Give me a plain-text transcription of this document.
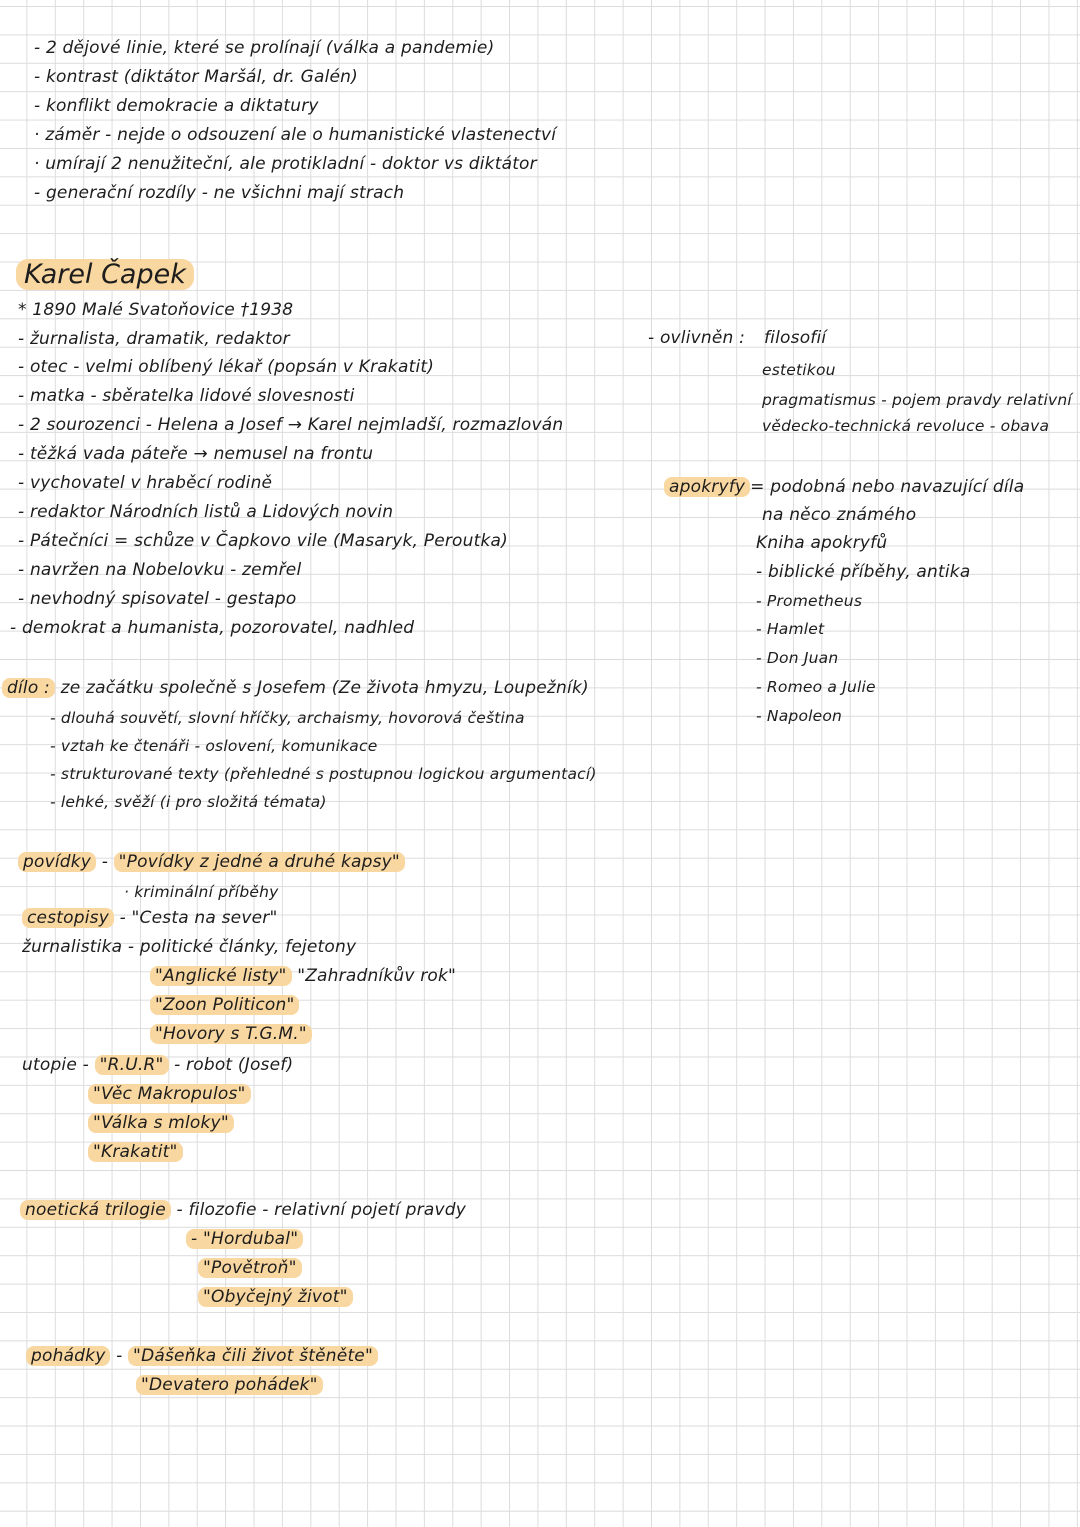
- 2 dějové linie, které se prolínají (válka a pandemie)
- kontrast (diktátor Maršál, dr. Galén)
- konflikt demokracie a diktatury
· záměr - nejde o odsouzení ale o humanistické vlastenectví
· umírají 2 nenužiteční, ale protikladní - doktor vs diktátor
- generační rozdíly - ne všichni mají strach
Karel Čapek
* 1890 Malé Svatoňovice †1938
- žurnalista, dramatik, redaktor
- otec - velmi oblíbený lékař (popsán v Krakatit)
- matka - sběratelka lidové slovesnosti
- 2 sourozenci - Helena a Josef → Karel nejmladší, rozmazlován
- těžká vada páteře → nemusel na frontu
- vychovatel v hraběcí rodině
- redaktor Národních listů a Lidových novin
- Pátečníci = schůze v Čapkovo vile (Masaryk, Peroutka)
- navržen na Nobelovku - zemřel
- nevhodný spisovatel - gestapo
- demokrat a humanista, pozorovatel, nadhled
- ovlivněn : filosofií
estetikou
pragmatismus - pojem pravdy relativní
vědecko-technická revoluce - obava
apokryfy = podobná nebo navazující díla
na něco známého
Kniha apokryfů
- biblické příběhy, antika
- Prometheus
- Hamlet
- Don Juan
- Romeo a Julie
- Napoleon
dílo : ze začátku společně s Josefem (Ze života hmyzu, Loupežník)
- dlouhá souvětí, slovní hříčky, archaismy, hovorová čeština
- vztah ke čtenáři - oslovení, komunikace
- strukturované texty (přehledné s postupnou logickou argumentací)
- lehké, svěží (i pro složitá témata)
povídky - "Povídky z jedné a druhé kapsy"
· kriminální příběhy
cestopisy - "Cesta na sever"
žurnalistika - politické články, fejetony
"Anglické listy" "Zahradníkův rok"
"Zoon Politicon"
"Hovory s T.G.M."
utopie - "R.U.R" - robot (Josef)
"Věc Makropulos"
"Válka s mloky"
"Krakatit"
noetická trilogie - filozofie - relativní pojetí pravdy
- "Hordubal"
"Povětroň"
"Obyčejný život"
pohádky - "Dášeňka čili život štěněte"
"Devatero pohádek"
